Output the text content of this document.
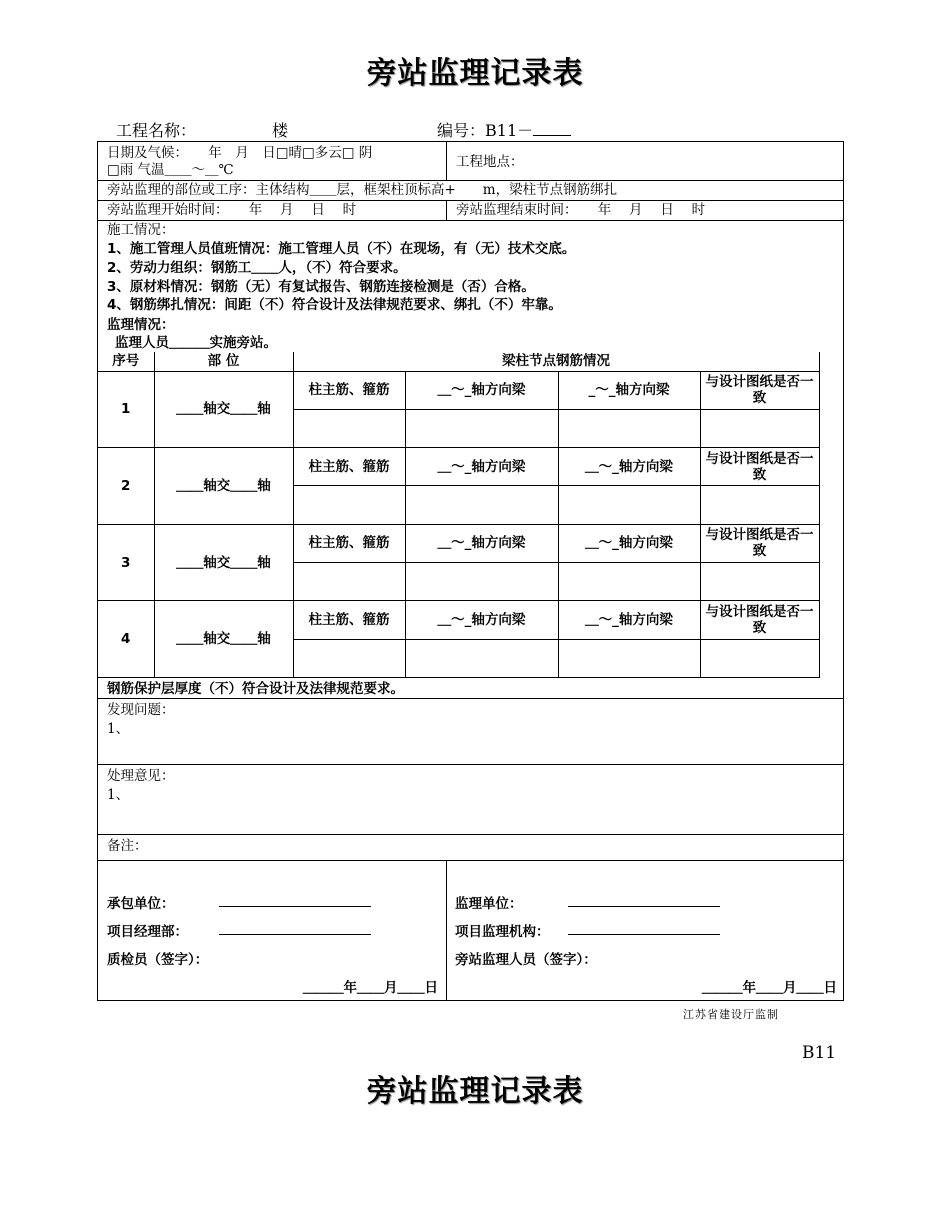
旁站监理记录表
工程名称：	楼	编号：B11－
日期及气候：　　年　月　日□晴□多云□ 阴
□雨 气温＿＿～＿℃	工程地点：
旁站监理的部位或工序：主体结构＿＿层，框架柱顶标高+　　m，梁柱节点钢筋绑扎
旁站监理开始时间：　　年　 月　 日　 时	旁站监理结束时间：　　年　 月　 日　 时
施工情况：
1、施工管理人员值班情况：施工管理人员（不）在现场，有（无）技术交底。
2、劳动力组织：钢筋工＿＿人，（不）符合要求。
3、原材料情况：钢筋（无）有复试报告、钢筋连接检测是（否）合格。
4、钢筋绑扎情况：间距（不）符合设计及法律规范要求、绑扎（不）牢靠。
监理情况：
监理人员＿＿＿实施旁站。
序号	部 位	梁柱节点钢筋情况			
1	＿＿轴交＿＿轴	柱主筋、箍筋	＿～_轴方向梁	_～_轴方向梁	与设计图纸是否一致

2	＿＿轴交＿＿轴	柱主筋、箍筋	＿～_轴方向梁	＿～_轴方向梁	与设计图纸是否一致

3	＿＿轴交＿＿轴	柱主筋、箍筋	＿～_轴方向梁	＿～_轴方向梁	与设计图纸是否一致

4	＿＿轴交＿＿轴	柱主筋、箍筋	＿～_轴方向梁	＿～_轴方向梁	与设计图纸是否一致

钢筋保护层厚度（不）符合设计及法律规范要求。
发现问题：
1、
处理意见：
1、
备注：
承包单位：
项目经理部：
质检员（签字）：
＿＿＿年＿＿月＿＿日
监理单位：
项目监理机构：
旁站监理人员（签字）：
＿＿＿年＿＿月＿＿日
江苏省建设厅监制
B11
旁站监理记录表
